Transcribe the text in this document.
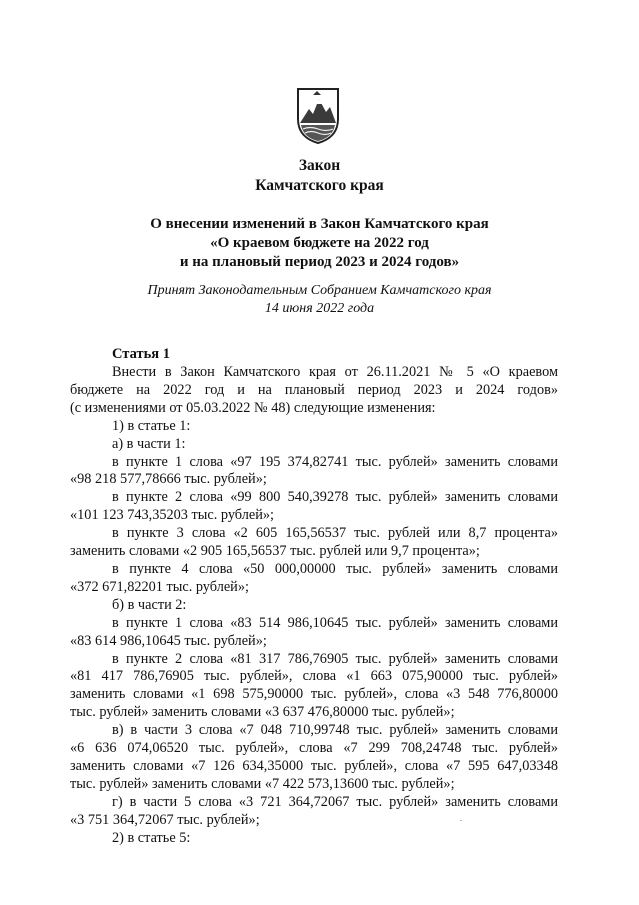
Закон
Камчатского края
О внесении изменений в Закон Камчатского края
«О краевом бюджете на 2022 год
и на плановый период 2023 и 2024 годов»
Принят Законодательным Собранием Камчатского края
14 июня 2022 года
Статья 1

Внести в Закон Камчатского края от 26.11.2021 № 5 «О краевом

бюджете на 2022 год и на плановый период 2023 и 2024 годов»

(с изменениями от 05.03.2022 № 48) следующие изменения:

1) в статье 1:

а) в части 1:

в пункте 1 слова «97 195 374,82741 тыс. рублей» заменить словами

«98 218 577,78666 тыс. рублей»;

в пункте 2 слова «99 800 540,39278 тыс. рублей» заменить словами

«101 123 743,35203 тыс. рублей»;

в пункте 3 слова «2 605 165,56537 тыс. рублей или 8,7 процента»

заменить словами «2 905 165,56537 тыс. рублей или 9,7 процента»;

в пункте 4 слова «50 000,00000 тыс. рублей» заменить словами

«372 671,82201 тыс. рублей»;

б) в части 2:

в пункте 1 слова «83 514 986,10645 тыс. рублей» заменить словами

«83 614 986,10645 тыс. рублей»;

в пункте 2 слова «81 317 786,76905 тыс. рублей» заменить словами

«81 417 786,76905 тыс. рублей», слова «1 663 075,90000 тыс. рублей»

заменить словами «1 698 575,90000 тыс. рублей», слова «3 548 776,80000

тыс. рублей» заменить словами «3 637 476,80000 тыс. рублей»;

в) в части 3 слова «7 048 710,99748 тыс. рублей» заменить словами

«6 636 074,06520 тыс. рублей», слова «7 299 708,24748 тыс. рублей»

заменить словами «7 126 634,35000 тыс. рублей», слова «7 595 647,03348

тыс. рублей» заменить словами «7 422 573,13600 тыс. рублей»;

г) в части 5 слова «3 721 364,72067 тыс. рублей» заменить словами

«3 751 364,72067 тыс. рублей»;

2) в статье 5:
